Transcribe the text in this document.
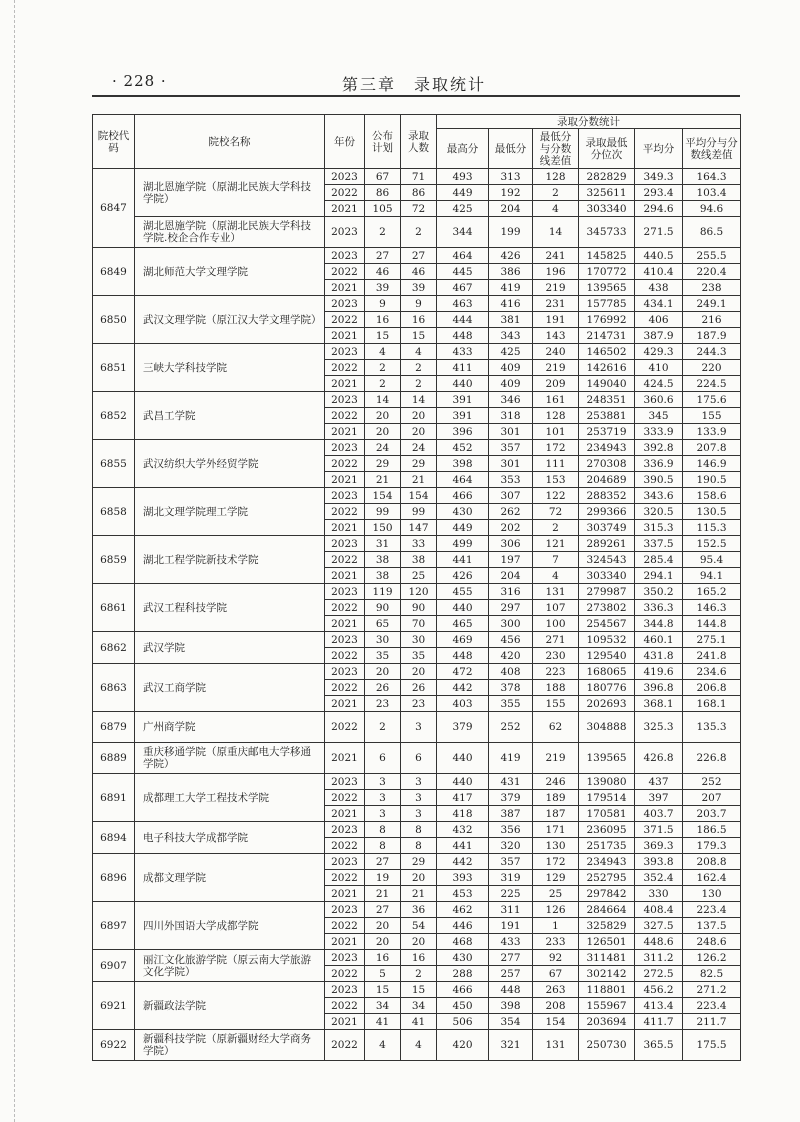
· 228 ·	第三章　录取统计
院校代码	院校名称	年份	公布计划	录取人数	录取分数统计					
					最高分	最低分	最低分与分数线差值	录取最低分位次	平均分	平均分与分数线差值
6847	湖北恩施学院（原湖北民族大学科技学院）	2023	67	71	493	313	128	282829	349.3	164.3
		2022	86	86	449	192	2	325611	293.4	103.4
		2021	105	72	425	204	4	303340	294.6	94.6
	湖北恩施学院（原湖北民族大学科技学院.校企合作专业）	2023	2	2	344	199	14	345733	271.5	86.5
6849	湖北师范大学文理学院	2023	27	27	464	426	241	145825	440.5	255.5
		2022	46	46	445	386	196	170772	410.4	220.4
		2021	39	39	467	419	219	139565	438	238
6850	武汉文理学院（原江汉大学文理学院）	2023	9	9	463	416	231	157785	434.1	249.1
		2022	16	16	444	381	191	176992	406	216
		2021	15	15	448	343	143	214731	387.9	187.9
6851	三峡大学科技学院	2023	4	4	433	425	240	146502	429.3	244.3
		2022	2	2	411	409	219	142616	410	220
		2021	2	2	440	409	209	149040	424.5	224.5
6852	武昌工学院	2023	14	14	391	346	161	248351	360.6	175.6
		2022	20	20	391	318	128	253881	345	155
		2021	20	20	396	301	101	253719	333.9	133.9
6855	武汉纺织大学外经贸学院	2023	24	24	452	357	172	234943	392.8	207.8
		2022	29	29	398	301	111	270308	336.9	146.9
		2021	21	21	464	353	153	204689	390.5	190.5
6858	湖北文理学院理工学院	2023	154	154	466	307	122	288352	343.6	158.6
		2022	99	99	430	262	72	299366	320.5	130.5
		2021	150	147	449	202	2	303749	315.3	115.3
6859	湖北工程学院新技术学院	2023	31	33	499	306	121	289261	337.5	152.5
		2022	38	38	441	197	7	324543	285.4	95.4
		2021	38	25	426	204	4	303340	294.1	94.1
6861	武汉工程科技学院	2023	119	120	455	316	131	279987	350.2	165.2
		2022	90	90	440	297	107	273802	336.3	146.3
		2021	65	70	465	300	100	254567	344.8	144.8
6862	武汉学院	2023	30	30	469	456	271	109532	460.1	275.1
		2022	35	35	448	420	230	129540	431.8	241.8
6863	武汉工商学院	2023	20	20	472	408	223	168065	419.6	234.6
		2022	26	26	442	378	188	180776	396.8	206.8
		2021	23	23	403	355	155	202693	368.1	168.1
6879	广州商学院	2022	2	3	379	252	62	304888	325.3	135.3
6889	重庆移通学院（原重庆邮电大学移通学院）	2021	6	6	440	419	219	139565	426.8	226.8
6891	成都理工大学工程技术学院	2023	3	3	440	431	246	139080	437	252
		2022	3	3	417	379	189	179514	397	207
		2021	3	3	418	387	187	170581	403.7	203.7
6894	电子科技大学成都学院	2023	8	8	432	356	171	236095	371.5	186.5
		2022	8	8	441	320	130	251735	369.3	179.3
6896	成都文理学院	2023	27	29	442	357	172	234943	393.8	208.8
		2022	19	20	393	319	129	252795	352.4	162.4
		2021	21	21	453	225	25	297842	330	130
6897	四川外国语大学成都学院	2023	27	36	462	311	126	284664	408.4	223.4
		2022	20	54	446	191	1	325829	327.5	137.5
		2021	20	20	468	433	233	126501	448.6	248.6
6907	丽江文化旅游学院（原云南大学旅游文化学院）	2023	16	16	430	277	92	311481	311.2	126.2
		2022	5	2	288	257	67	302142	272.5	82.5
6921	新疆政法学院	2023	15	15	466	448	263	118801	456.2	271.2
		2022	34	34	450	398	208	155967	413.4	223.4
		2021	41	41	506	354	154	203694	411.7	211.7
6922	新疆科技学院（原新疆财经大学商务学院）	2022	4	4	420	321	131	250730	365.5	175.5
